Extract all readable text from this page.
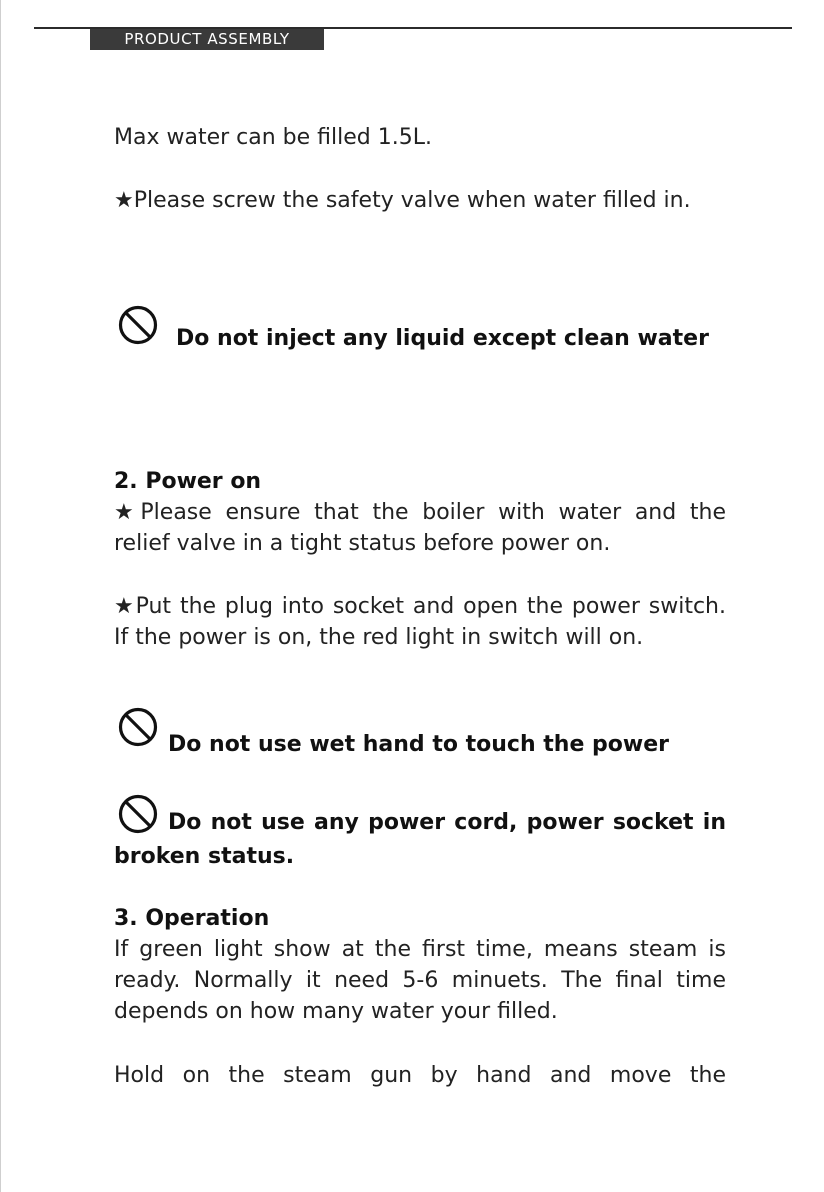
PRODUCT ASSEMBLY
Max water can be filled 1.5L.
★Please screw the safety valve when water filled in.
Do not inject any liquid except clean water
2. Power on
★Please ensure that the boiler with water and the relief valve in a tight status before power on.
★Put the plug into socket and open the power switch. If the power is on, the red light in switch will on.
Do not use wet hand to touch the power
Do not use any power cord, power socket in broken status.
3. Operation
If green light show at the first time, means steam is ready. Normally it need 5-6 minuets. The final time depends on how many water your filled.
Hold on the steam gun by hand and move the
